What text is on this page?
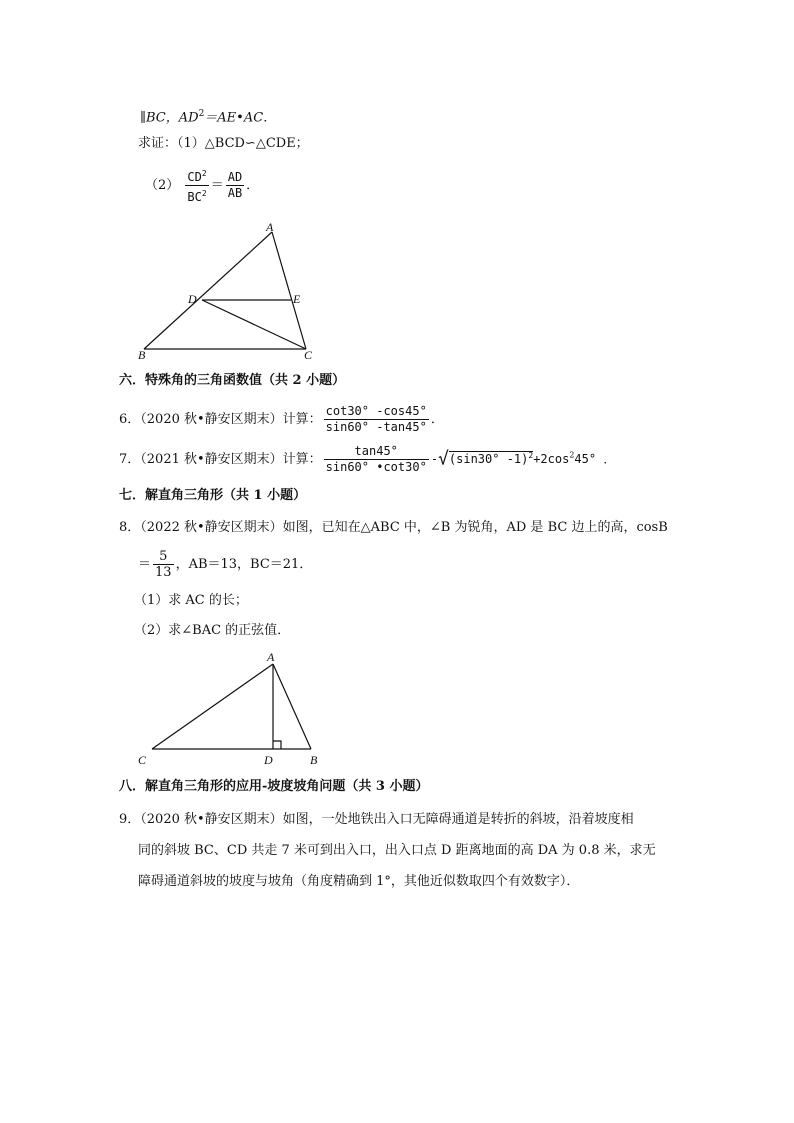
∥BC，$AD^2=AE•AC$．
求证：（1）△BCD∽△CDE；
$(2) \frac{CD^2}{BC^2} = \frac{AD}{AB}$ ．
A
D	E
B	C
六．特殊角的三角函数值（共 2 小题）
6．（2020 秋•静安区期末）计算： $\frac{\cot 30^\circ -\cos 45^\circ}{\sin 60^\circ -\tan 45^\circ}$ ．
7．（2021 秋•静安区期末）计算： $\frac{\tan 45^\circ}{\sin 60^\circ •\cot 30^\circ} -√(\sin 30^\circ$ $-1)^2+2\cos^245^\circ$ ．
七．解直角三角形（共 1 小题）
8．（2022 秋•静安区期末）如图，已知在△ABC 中，∠B 为锐角，AD 是 BC 边上的高，cosB
＝ $\frac{5}{13}$ ，AB＝13，BC＝21．
（1）求 AC 的长；
（2）求∠BAC 的正弦值．
A
C	D	B
八．解直角三角形的应用-坡度坡角问题（共 3 小题）
9．（2020 秋•静安区期末）如图，一处地铁出入口无障碍通道是转折的斜坡，沿着坡度相
同的斜坡 BC、CD 共走 7 米可到出入口，出入口点 D 距离地面的高 DA 为 0.8 米，求无
障碍通道斜坡的坡度与坡角（角度精确到 1°，其他近似数取四个有效数字）．
